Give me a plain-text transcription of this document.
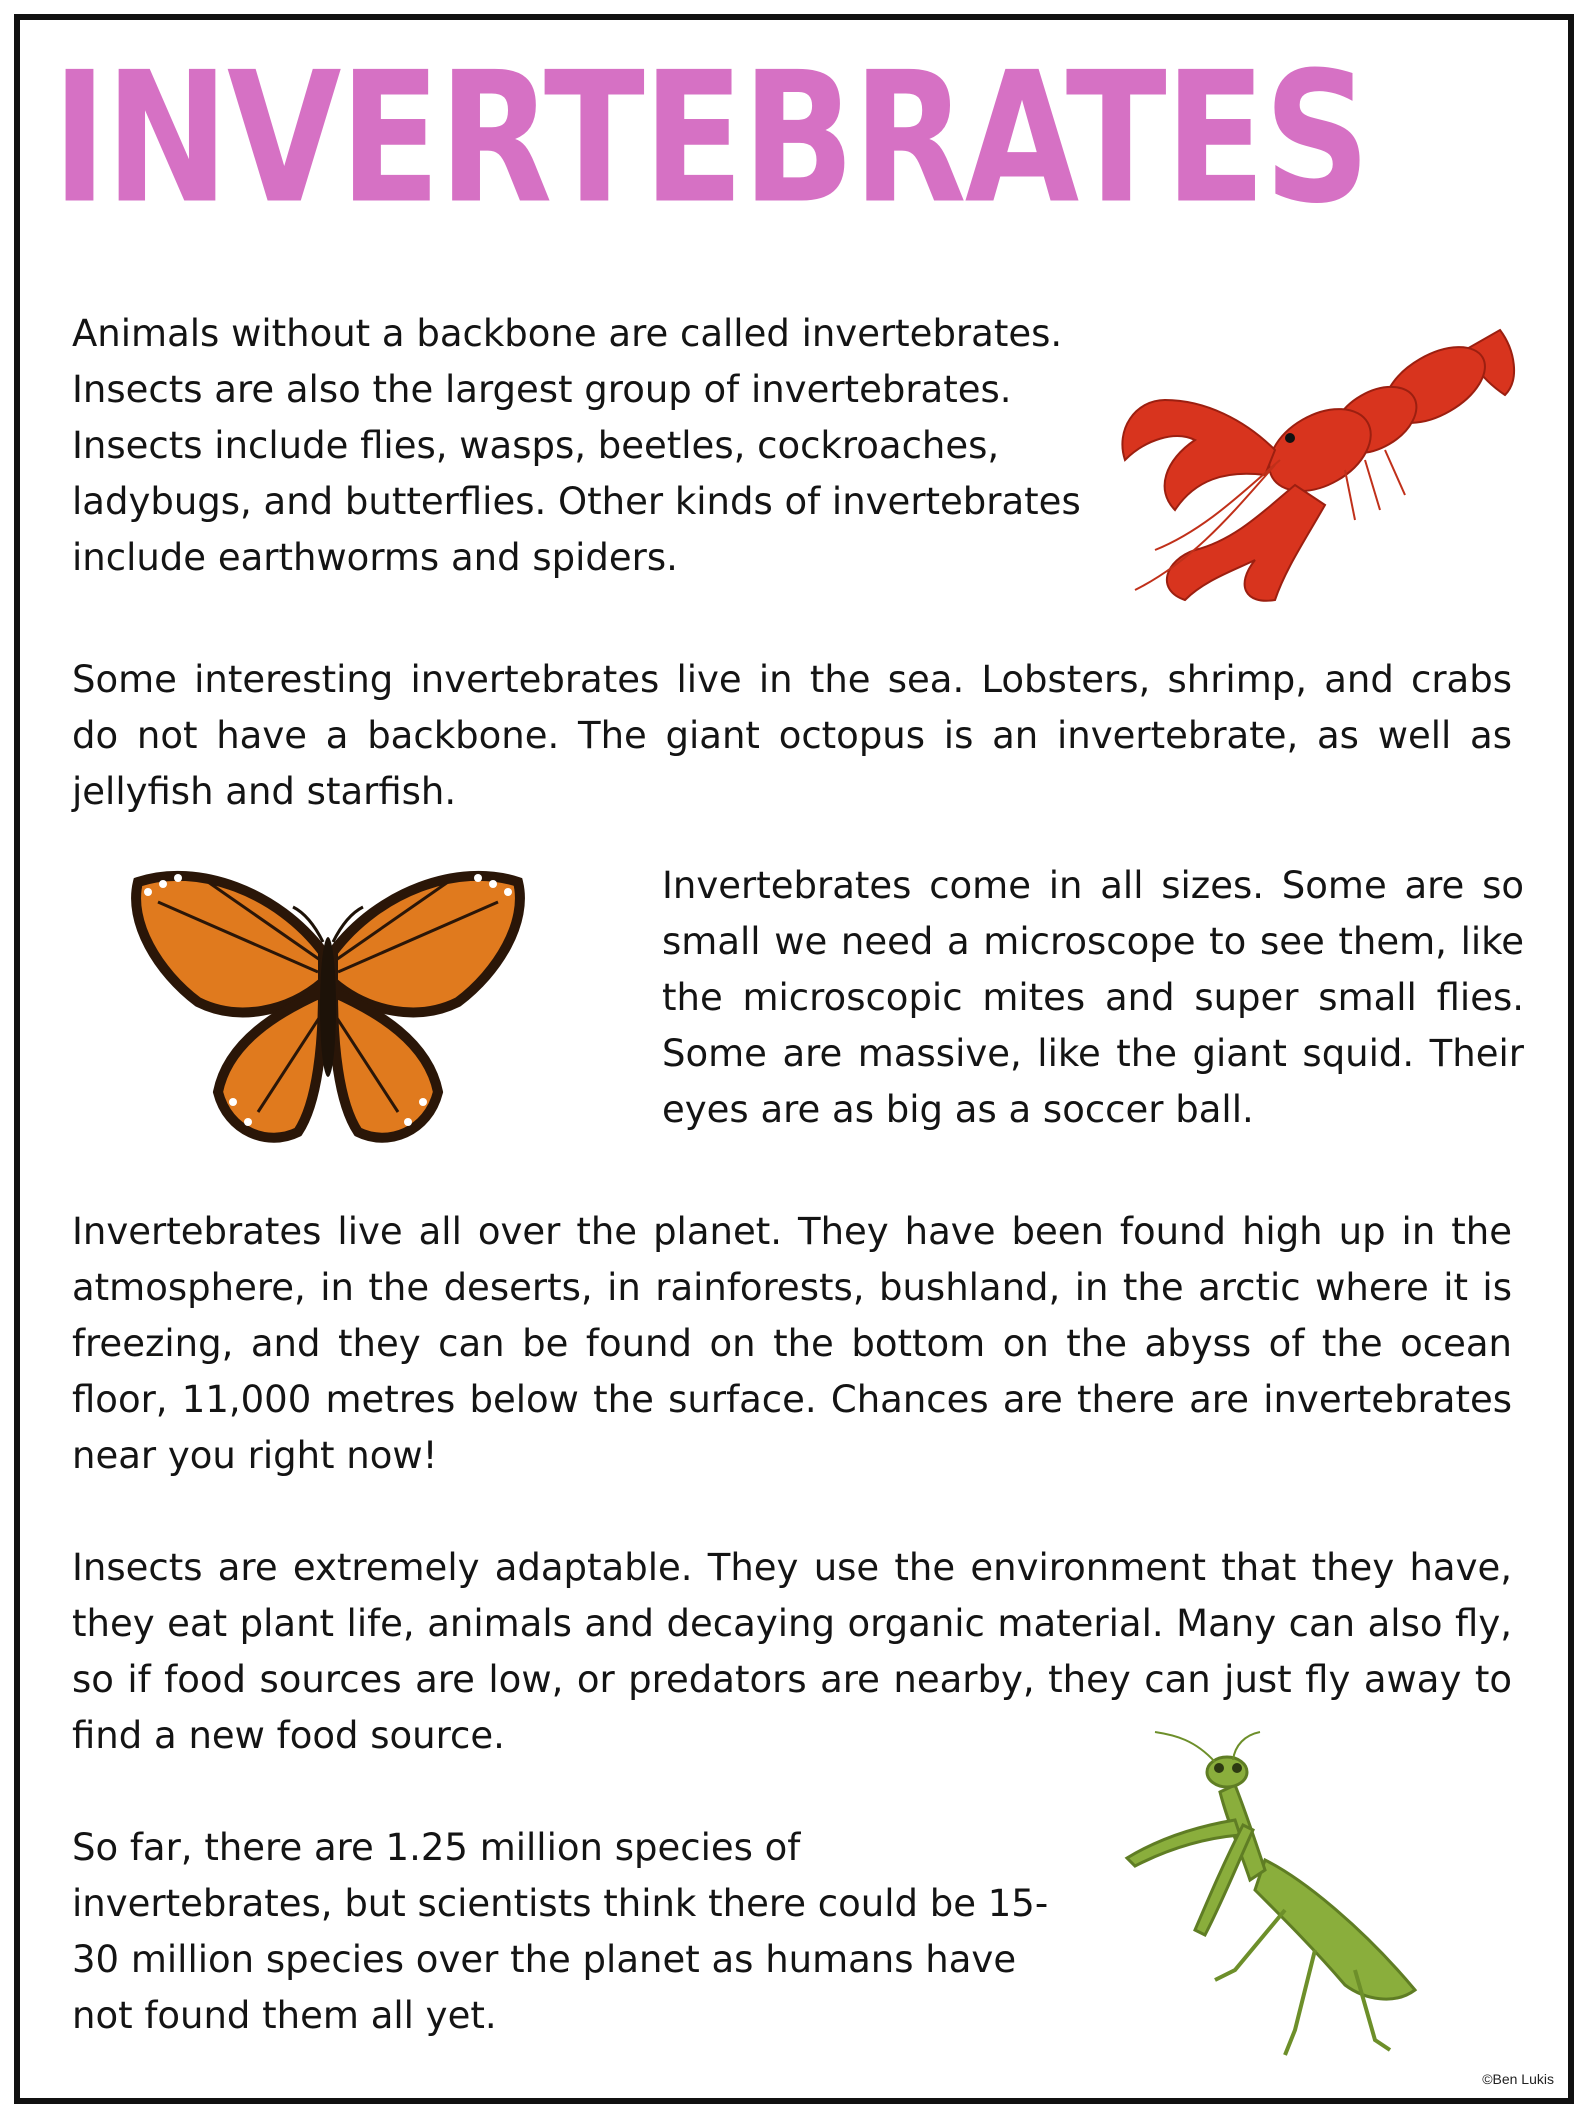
INVERTEBRATES

Animals without a backbone are called invertebrates. Insects are also the largest group of invertebrates. Insects include flies, wasps, beetles, cockroaches, ladybugs, and butterflies. Other kinds of invertebrates include earthworms and spiders.

Some interesting invertebrates live in the sea. Lobsters, shrimp, and crabs do not have a backbone. The giant octopus is an invertebrate, as well as jellyfish and starfish.

Invertebrates come in all sizes. Some are so small we need a microscope to see them, like the microscopic mites and super small flies. Some are massive, like the giant squid. Their eyes are as big as a soccer ball.

Invertebrates live all over the planet. They have been found high up in the atmosphere, in the deserts, in rainforests, bushland, in the arctic where it is freezing, and they can be found on the bottom on the abyss of the ocean floor, 11,000 metres below the surface. Chances are there are invertebrates near you right now!

Insects are extremely adaptable. They use the environment that they have, they eat plant life, animals and decaying organic material. Many can also fly, so if food sources are low, or predators are nearby, they can just fly away to find a new food source.

So far, there are 1.25 million species of invertebrates, but scientists think there could be 15-30 million species over the planet as humans have not found them all yet.

©Ben Lukis
